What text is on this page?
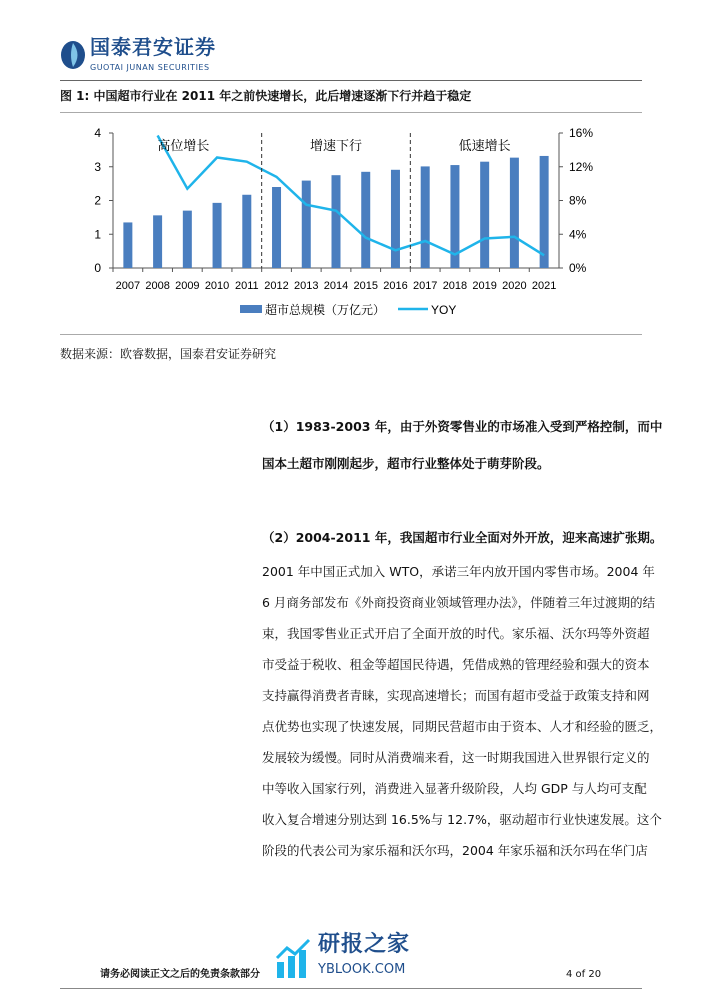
国泰君安证券
GUOTAI JUNAN SECURITIES
图 1: 中国超市行业在 2011 年之前快速增长，此后增速逐渐下行并趋于稳定
0
1
2
3
4
0%
4%
8%
12%
16%
2007 2008 2009 2010 2011 2012 2013 2014 2015 2016 2017 2018 2019 2020 2021
高位增长	增速下行	低速增长
超市总规模（万亿元）	YOY
数据来源：欧睿数据，国泰君安证券研究
（1）1983-2003 年，由于外资零售业的市场准入受到严格控制，而中
国本土超市刚刚起步，超市行业整体处于萌芽阶段。
（2）2004-2011 年，我国超市行业全面对外开放，迎来高速扩张期。
2001 年中国正式加入 WTO，承诺三年内放开国内零售市场。2004 年
6 月商务部发布《外商投资商业领域管理办法》，伴随着三年过渡期的结
束，我国零售业正式开启了全面开放的时代。家乐福、沃尔玛等外资超
市受益于税收、租金等超国民待遇，凭借成熟的管理经验和强大的资本
支持赢得消费者青睐，实现高速增长；而国有超市受益于政策支持和网
点优势也实现了快速发展，同期民营超市由于资本、人才和经验的匮乏，
发展较为缓慢。同时从消费端来看，这一时期我国进入世界银行定义的
中等收入国家行列，消费进入显著升级阶段，人均 GDP 与人均可支配
收入复合增速分别达到 16.5%与 12.7%，驱动超市行业快速发展。这个
阶段的代表公司为家乐福和沃尔玛，2004 年家乐福和沃尔玛在华门店
请务必阅读正文之后的免责条款部分
研报之家
YBLOOK.COM	4 of 20
